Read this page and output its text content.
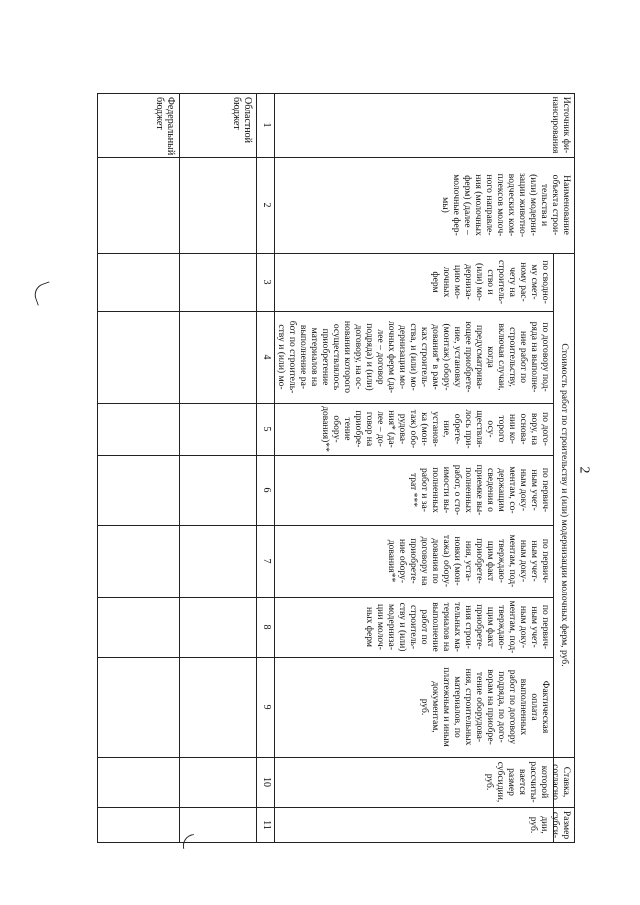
2
Стоимость работ по строительству и (или) модернизации молочных ферм, руб.
Источник фи-
нансирования
Наименование
объекта строи-
тельства и
(или) модерни-
зации животно-
водческих ком-
плексов молоч-
ного направле-
ния (молочных
ферм) (далее –
молочные фер-
мы)
по сводно-
му смет-
ному рас-
чету на
строитель-
ство и
(или) мо-
дерниза-
цию мо-
лочных
ферм
по договору под-
ряда на выполне-
ние работ по
строительству,
включая случаи,
когда
предусматрива-
ющее приобрете-
ние, установку
(монтаж) обору-
дования* в рам-
ках строитель-
ства, и (или) мо-
дернизации мо-
лочных ферм (да-
лее – договор
подряда) и (или)
договору, на ос-
новании которого
осуществлялось
приобретение
материалов на
выполнение ра-
бот по строитель-
ству и (или) мо-

по дого-
вору, на
основа-
нии ко-
торого
осу-
ществля-
лось при-
обрете-
ние,
установ-
ка (мон-
таж) обо-
рудова-
ния* (да-
лее – до-
говор на
приобре-
тение
обору-
дования)**
по первич-
ным учет-
ным доку-
ментам, со-
держащим
сведения о
приемке вы-
полненных
работ, о сто-
имости вы-
полненных
работ и за-
трат ***
по первич-
ным учет-
ным доку-
ментам, под-
тверждаю-
щим факт
приобрете-
ния, уста-
новки (мон-
тажа) обору-
дования по
договору на
приобрете-
ние обору-
дования**
по первич-
ным учет-
ным доку-
ментам, под-
тверждаю-
щим факт
приобрете-
ния строи-
тельных ма-
териалов на
выполнение
работ по
строитель-
ству и (или)
модерниза-
ции молоч-
ных ферм
Фактическая
оплата
выполненных
работ по договору
подряда, по дого-
ворам на приобре-
тение оборудова-
ния, строительных
материалов, по
платежным и иным
документам,
руб.
Ставка,
согласно
которой
рассчиты-
вается
размер
субсидии,
руб.
Размер
субси-
дии,
руб.
1
2
3
4
5
6
7
8
9
10
11
Областной
бюджет
Федеральный
бюджет
